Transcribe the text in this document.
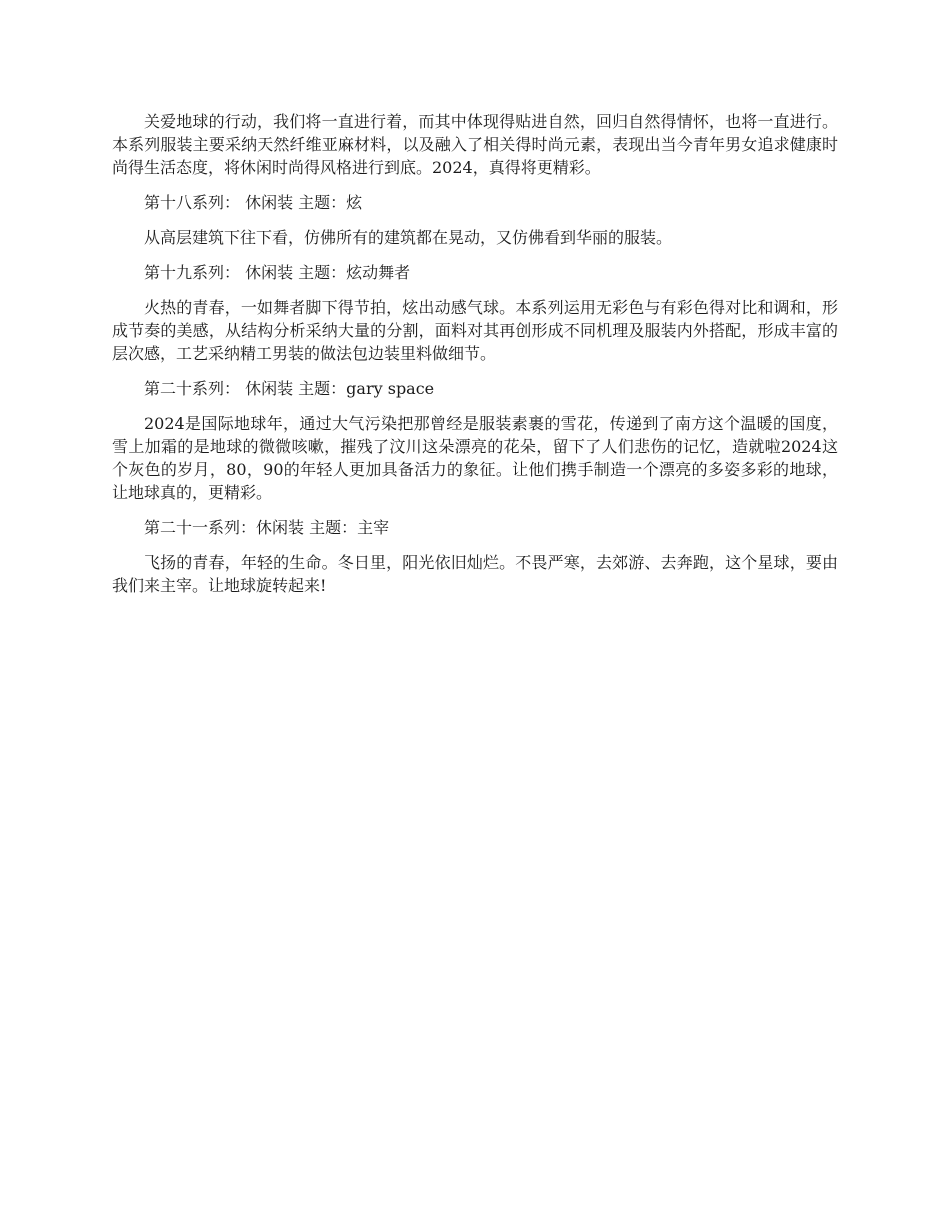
关爱地球的行动，我们将一直进行着，而其中体现得贴进自然，回归自然得情怀，也将一直进行。本系列服装主要采纳天然纤维亚麻材料，以及融入了相关得时尚元素，表现出当今青年男女追求健康时尚得生活态度，将休闲时尚得风格进行到底。2024，真得将更精彩。

第十八系列： 休闲装 主题：炫

从高层建筑下往下看，仿佛所有的建筑都在晃动，又仿佛看到华丽的服装。

第十九系列： 休闲装 主题：炫动舞者

火热的青春，一如舞者脚下得节拍，炫出动感气球。本系列运用无彩色与有彩色得对比和调和，形成节奏的美感，从结构分析采纳大量的分割，面料对其再创形成不同机理及服装内外搭配，形成丰富的层次感，工艺采纳精工男装的做法包边装里料做细节。

第二十系列： 休闲装 主题：gary space

2024是国际地球年，通过大气污染把那曾经是服装素裹的雪花，传递到了南方这个温暖的国度，雪上加霜的是地球的微微咳嗽，摧残了汶川这朵漂亮的花朵，留下了人们悲伤的记忆，造就啦2024这个灰色的岁月，80，90的年轻人更加具备活力的象征。让他们携手制造一个漂亮的多姿多彩的地球，让地球真的，更精彩。

第二十一系列：休闲装 主题：主宰

飞扬的青春，年轻的生命。冬日里，阳光依旧灿烂。不畏严寒，去郊游、去奔跑，这个星球，要由我们来主宰。让地球旋转起来!
